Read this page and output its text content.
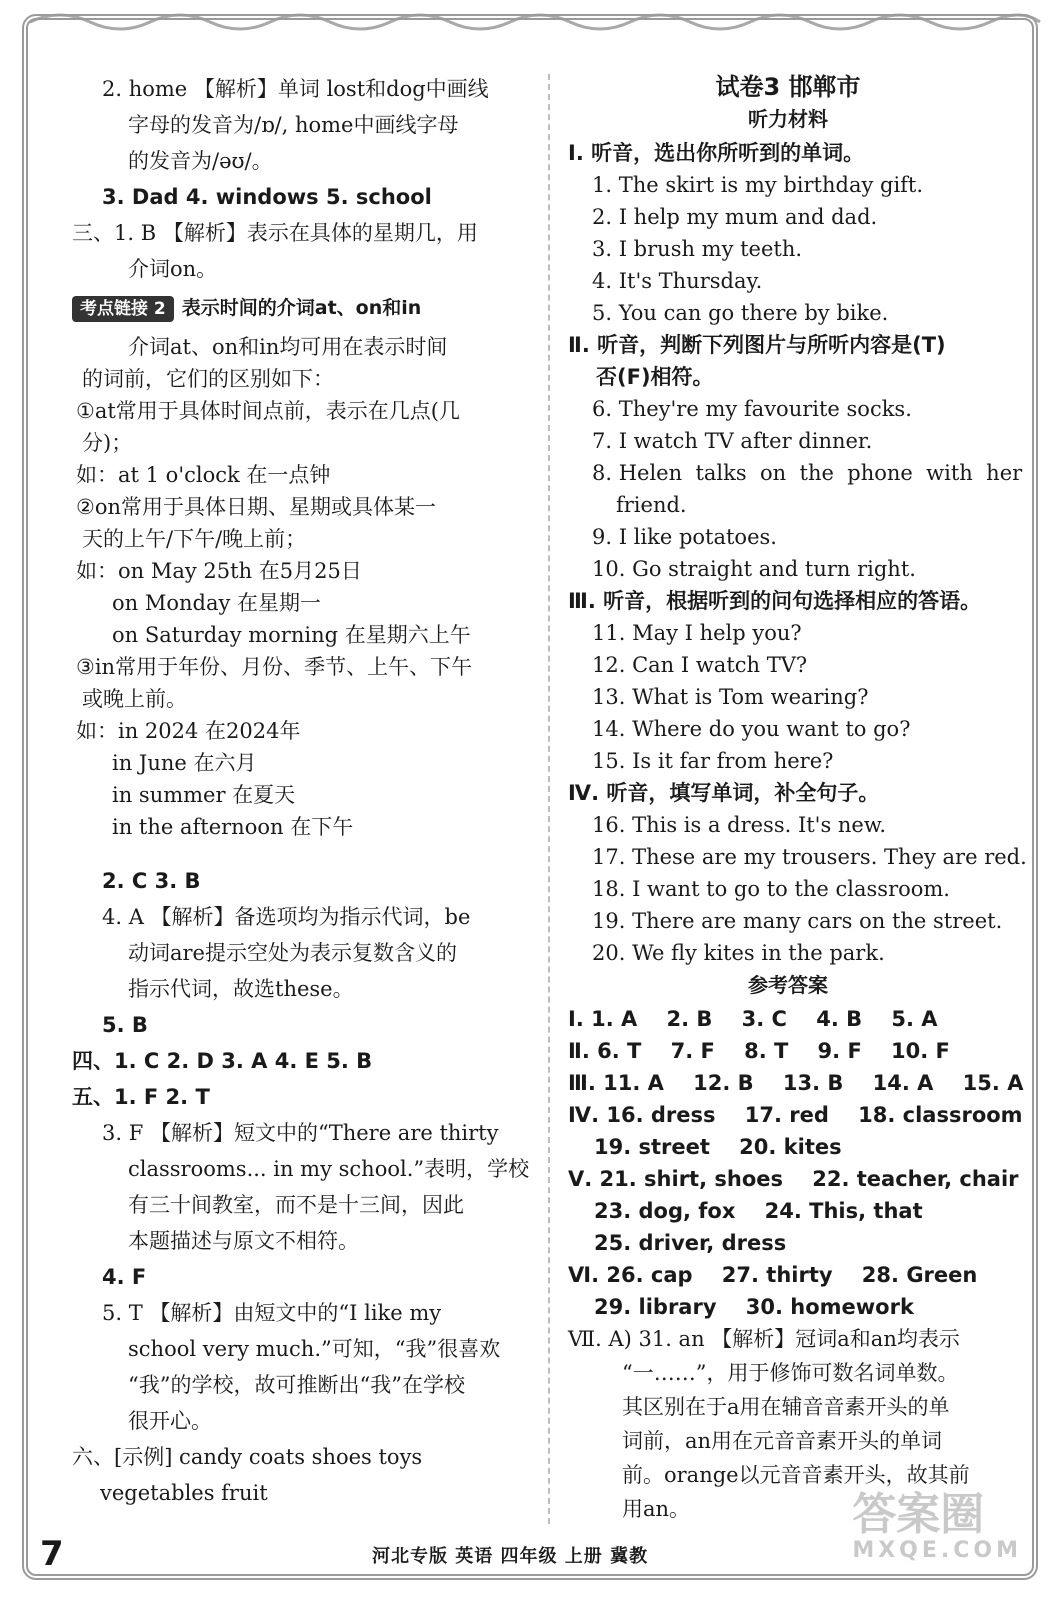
2. home 【解析】单词 lost和dog中画线
字母的发音为/ɒ/, home中画线字母
的发音为/əʊ/。
3. Dad 4. windows 5. school
三、1. B 【解析】表示在具体的星期几，用
介词on。
考点链接 2 表示时间的介词at、on和in
介词at、on和in均可用在表示时间
的词前，它们的区别如下：
①at常用于具体时间点前，表示在几点(几
分)；
如：at 1 o'clock 在一点钟
②on常用于具体日期、星期或具体某一
天的上午/下午/晚上前；
如：on May 25th 在5月25日
on Monday 在星期一
on Saturday morning 在星期六上午
③in常用于年份、月份、季节、上午、下午
或晚上前。
如：in 2024 在2024年
in June 在六月
in summer 在夏天
in the afternoon 在下午
2. C 3. B
4. A 【解析】备选项均为指示代词，be
动词are提示空处为表示复数含义的
指示代词，故选these。
5. B
四、1. C 2. D 3. A 4. E 5. B
五、1. F 2. T
3. F 【解析】短文中的“There are thirty
classrooms... in my school.”表明，学校
有三十间教室，而不是十三间，因此
本题描述与原文不相符。
4. F
5. T 【解析】由短文中的“I like my
school very much.”可知，“我”很喜欢
“我”的学校，故可推断出“我”在学校
很开心。
六、[示例] candy coats shoes toys
vegetables fruit
试卷3 邯郸市
听力材料
Ⅰ. 听音，选出你所听到的单词。
1. The skirt is my birthday gift.
2. I help my mum and dad.
3. I brush my teeth.
4. It's Thursday.
5. You can go there by bike.
Ⅱ. 听音，判断下列图片与所听内容是(T)
否(F)相符。
6. They're my favourite socks.
7. I watch TV after dinner.
8. Helen  talks  on  the  phone  with  her
friend.
9. I like potatoes.
10. Go straight and turn right.
Ⅲ. 听音，根据听到的问句选择相应的答语。
11. May I help you?
12. Can I watch TV?
13. What is Tom wearing?
14. Where do you want to go?
15. Is it far from here?
Ⅳ. 听音，填写单词，补全句子。
16. This is a dress. It's new.
17. These are my trousers. They are red.
18. I want to go to the classroom.
19. There are many cars on the street.
20. We fly kites in the park.
参考答案
Ⅰ. 1. A    2. B    3. C    4. B    5. A
Ⅱ. 6. T    7. F    8. T    9. F    10. F
Ⅲ. 11. A    12. B    13. B    14. A    15. A
Ⅳ. 16. dress    17. red    18. classroom
19. street    20. kites
Ⅴ. 21. shirt, shoes    22. teacher, chair
23. dog, fox    24. This, that
25. driver, dress
Ⅵ. 26. cap    27. thirty    28. Green
29. library    30. homework
Ⅶ. A) 31. an 【解析】冠词a和an均表示
“一……”，用于修饰可数名词单数。
其区别在于a用在辅音音素开头的单
词前，an用在元音音素开头的单词
前。orange以元音音素开头，故其前
用an。
7	河北专版 英语 四年级 上册 冀教
答案圈
MXQE.COM
